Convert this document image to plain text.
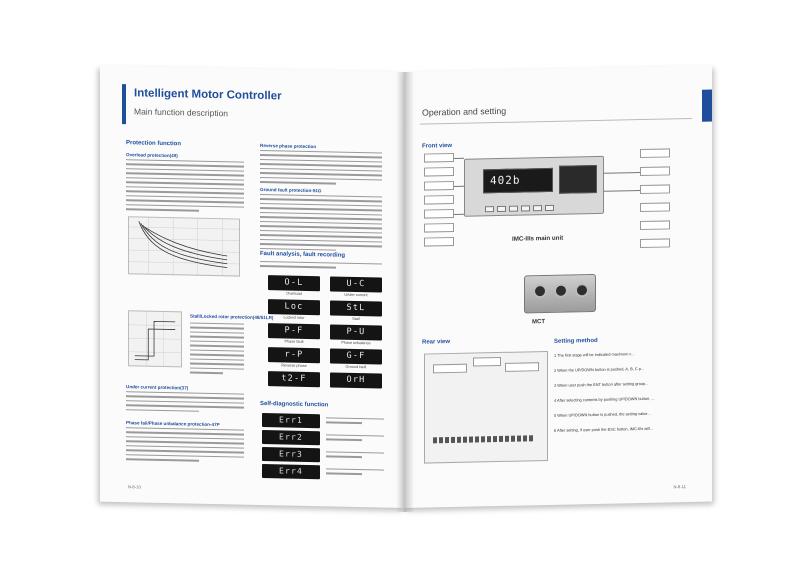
Intelligent Motor Controller
Main function description
Protection function
Overload protection(49)
Stall/Locked rotor protection(48/51LR)
Under current protection(37)
Phase fail/Phase unbalance protection-47P
N-8-10
Reverse phase protection
Ground fault protection-51G
Fault analysis, fault recording
Self-diagnostic function
O-L
Overload
U-C
Under current
Loc
Locked rotor
StL
Stall
P-F
Phase fault
P-U
Phase unbalance
r-P
Reverse phase
G-F
Ground fault
t2-F	OrH
Err1
Err2
Err3
Err4
Operation and setting
Front view
402b
IMC-IIIs main unit
MCT
Rear view	Setting method
N-8-11
1 The first stage will be indicated maximum c...
2 When the UP/DOWN button is pushed, A, B, C p...
3 When user push the ENT button after setting group...
4 After selecting contents by pushing UP/DOWN button, ...
5 When UP/DOWN button is pushed, the setting value...
6 After setting, if user push the ESC button, IMC-IIIs will...
